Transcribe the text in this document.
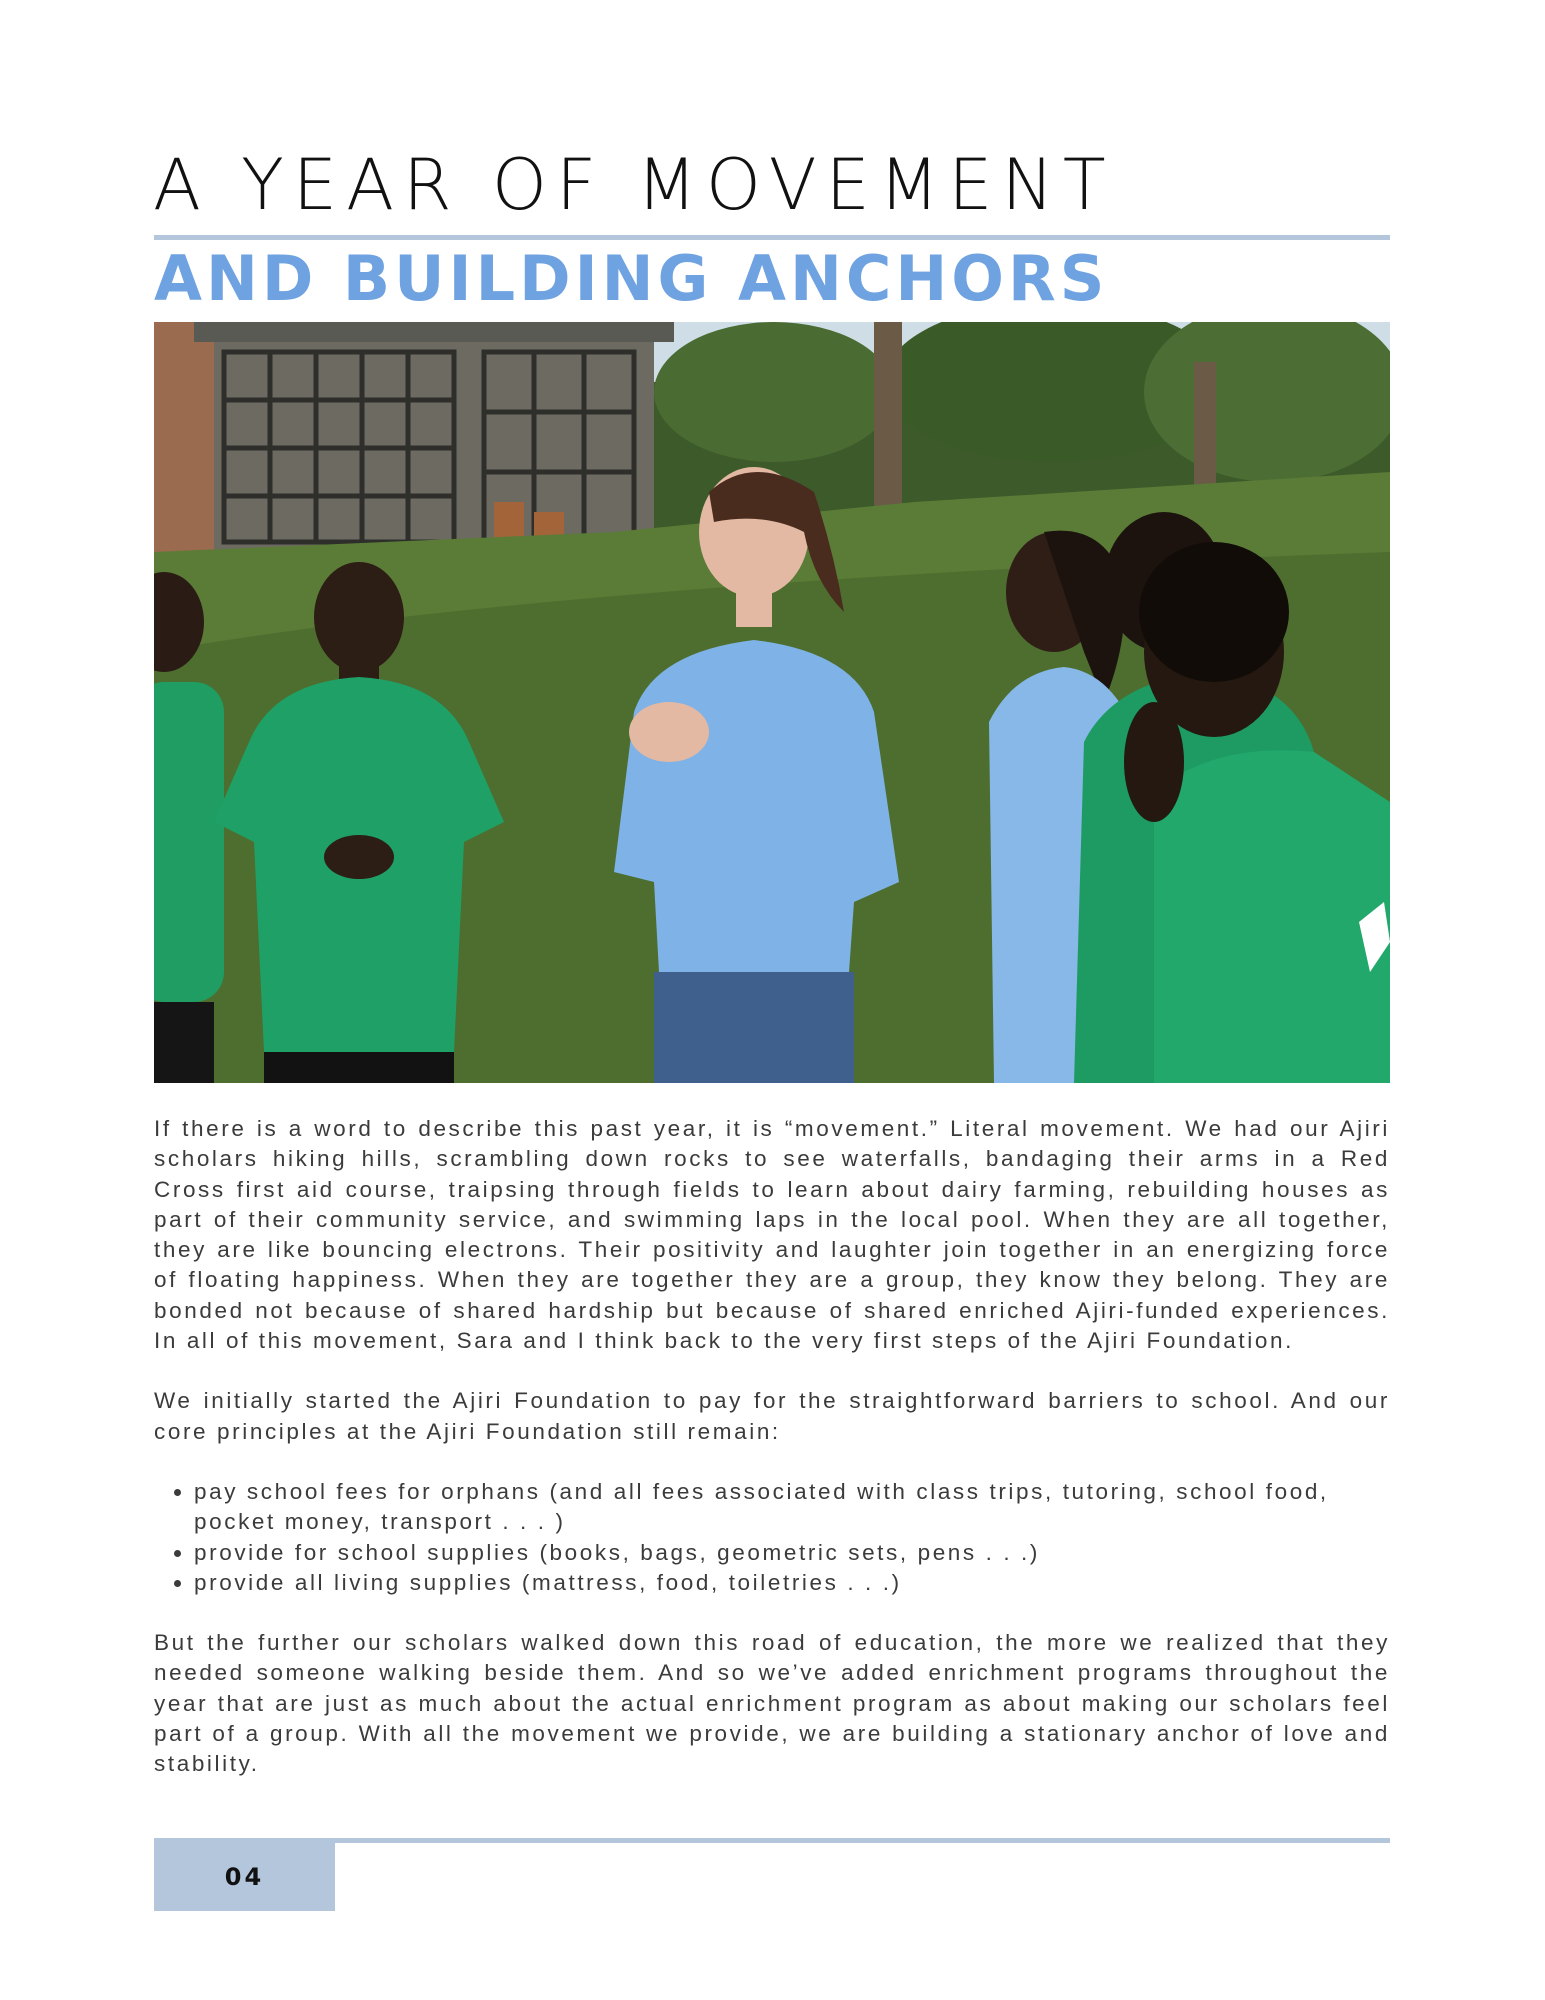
A YEAR OF MOVEMENT
AND BUILDING ANCHORS

If there is a word to describe this past year, it is “movement.” Literal movement. We had our Ajiri scholars hiking hills, scrambling down rocks to see waterfalls, bandaging their arms in a Red Cross first aid course, traipsing through fields to learn about dairy farming, rebuilding houses as part of their community service, and swimming laps in the local pool. When they are all together, they are like bouncing electrons. Their positivity and laughter join together in an energizing force of floating happiness. When they are together they are a group, they know they belong. They are bonded not because of shared hardship but because of shared enriched Ajiri-funded experiences. In all of this movement, Sara and I think back to the very first steps of the Ajiri Foundation.

We initially started the Ajiri Foundation to pay for the straightforward barriers to school. And our core principles at the Ajiri Foundation still remain:

• pay school fees for orphans (and all fees associated with class trips, tutoring, school food, pocket money, transport . . . )
• provide for school supplies (books, bags, geometric sets, pens . . .)
• provide all living supplies (mattress, food, toiletries . . .)

But the further our scholars walked down this road of education, the more we realized that they needed someone walking beside them. And so we’ve added enrichment programs throughout the year that are just as much about the actual enrichment program as about making our scholars feel part of a group. With all the movement we provide, we are building a stationary anchor of love and stability.

04
